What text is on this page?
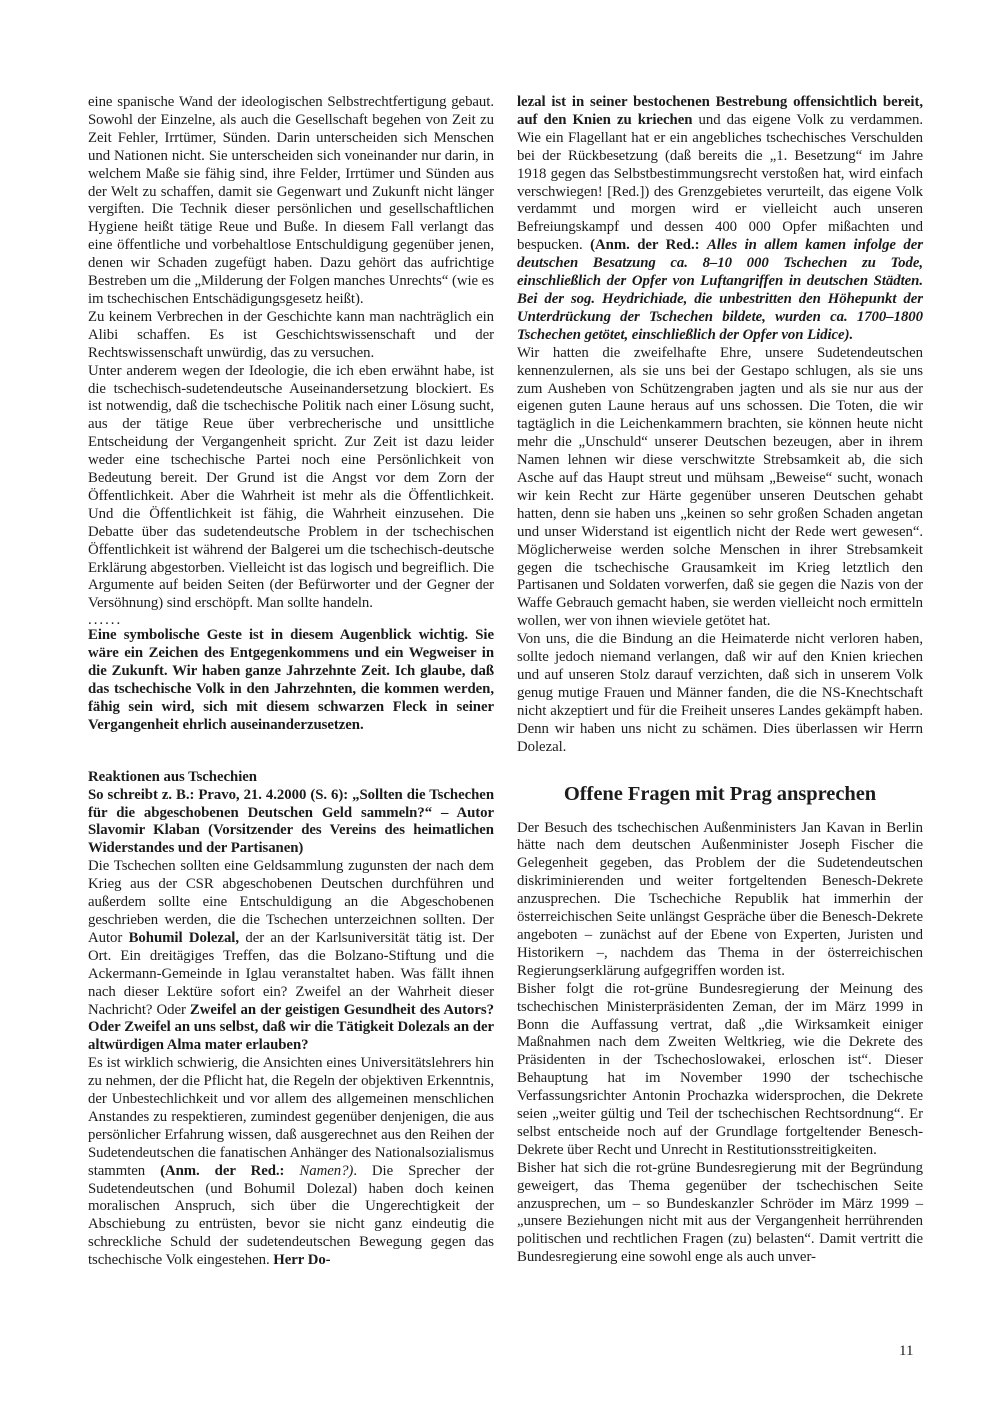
eine spanische Wand der ideologischen Selbstrechtfertigung gebaut. Sowohl der Einzelne, als auch die Gesellschaft begehen von Zeit zu Zeit Fehler, Irrtümer, Sünden. Darin unterscheiden sich Menschen und Nationen nicht. Sie unterscheiden sich voneinander nur darin, in welchem Maße sie fähig sind, ihre Felder, Irrtümer und Sünden aus der Welt zu schaffen, damit sie Gegenwart und Zukunft nicht länger vergiften. Die Technik dieser persönlichen und gesellschaftlichen Hygiene heißt tätige Reue und Buße. In diesem Fall verlangt das eine öffentliche und vorbehaltlose Entschuldigung gegenüber jenen, denen wir Schaden zugefügt haben. Dazu gehört das aufrichtige Bestreben um die „Milderung der Folgen manches Unrechts“ (wie es im tschechischen Entschädigungsgesetz heißt).

Zu keinem Verbrechen in der Geschichte kann man nachträglich ein Alibi schaffen. Es ist Geschichtswissenschaft und der Rechtswissenschaft unwürdig, das zu versuchen.

Unter anderem wegen der Ideologie, die ich eben erwähnt habe, ist die tschechisch-sudetendeutsche Auseinandersetzung blockiert. Es ist notwendig, daß die tschechische Politik nach einer Lösung sucht, aus der tätige Reue über verbrecherische und unsittliche Entscheidung der Vergangenheit spricht. Zur Zeit ist dazu leider weder eine tschechische Partei noch eine Persönlichkeit von Bedeutung bereit. Der Grund ist die Angst vor dem Zorn der Öffentlichkeit. Aber die Wahrheit ist mehr als die Öffentlichkeit. Und die Öffentlichkeit ist fähig, die Wahrheit einzusehen. Die Debatte über das sudetendeutsche Problem in der tschechischen Öffentlichkeit ist während der Balgerei um die tschechisch-deutsche Erklärung abgestorben. Vielleicht ist das logisch und begreiflich. Die Argumente auf beiden Seiten (der Befürworter und der Gegner der Versöhnung) sind erschöpft. Man sollte handeln.

......

Eine symbolische Geste ist in diesem Augenblick wichtig. Sie wäre ein Zeichen des Entgegenkommens und ein Wegweiser in die Zukunft. Wir haben ganze Jahrzehnte Zeit. Ich glaube, daß das tschechische Volk in den Jahrzehnten, die kommen werden, fähig sein wird, sich mit diesem schwarzen Fleck in seiner Vergangenheit ehrlich auseinanderzusetzen.

Reaktionen aus Tschechien

So schreibt z. B.: Pravo, 21. 4.2000 (S. 6): „Sollten die Tschechen für die abgeschobenen Deutschen Geld sammeln?“ – Autor Slavomir Klaban (Vorsitzender des Vereins des heimatlichen Widerstandes und der Partisanen)

Die Tschechen sollten eine Geldsammlung zugunsten der nach dem Krieg aus der CSR abgeschobenen Deutschen durchführen und außerdem sollte eine Entschuldigung an die Abgeschobenen geschrieben werden, die die Tschechen unterzeichnen sollten. Der Autor Bohumil Dolezal, der an der Karlsuniversität tätig ist. Der Ort. Ein dreitägiges Treffen, das die Bolzano-Stiftung und die Ackermann-Gemeinde in Iglau veranstaltet haben. Was fällt ihnen nach dieser Lektüre sofort ein? Zweifel an der Wahrheit dieser Nachricht? Oder Zweifel an der geistigen Gesundheit des Autors? Oder Zweifel an uns selbst, daß wir die Tätigkeit Dolezals an der altwürdigen Alma mater erlauben?

Es ist wirklich schwierig, die Ansichten eines Universitätslehrers hin zu nehmen, der die Pflicht hat, die Regeln der objektiven Erkenntnis, der Unbestechlichkeit und vor allem des allgemeinen menschlichen Anstandes zu respektieren, zumindest gegenüber denjenigen, die aus persönlicher Erfahrung wissen, daß ausgerechnet aus den Reihen der Sudetendeutschen die fanatischen Anhänger des Nationalsozialismus stammten (Anm. der Red.: Namen?). Die Sprecher der Sudetendeutschen (und Bohumil Dolezal) haben doch keinen moralischen Anspruch, sich über die Ungerechtigkeit der Abschiebung zu entrüsten, bevor sie nicht ganz eindeutig die schreckliche Schuld der sudetendeutschen Bewegung gegen das tschechische Volk eingestehen. Herr Do-

lezal ist in seiner bestochenen Bestrebung offensichtlich bereit, auf den Knien zu kriechen und das eigene Volk zu verdammen. Wie ein Flagellant hat er ein angebliches tschechisches Verschulden bei der Rückbesetzung (daß bereits die „1. Besetzung“ im Jahre 1918 gegen das Selbstbestimmungsrecht verstoßen hat, wird einfach verschwiegen! [Red.]) des Grenzgebietes verurteilt, das eigene Volk verdammt und morgen wird er vielleicht auch unseren Befreiungskampf und dessen 400 000 Opfer mißachten und bespucken. (Anm. der Red.: Alles in allem kamen infolge der deutschen Besatzung ca. 8–10 000 Tschechen zu Tode, einschließlich der Opfer von Luftangriffen in deutschen Städten. Bei der sog. Heydrichiade, die unbestritten den Höhepunkt der Unterdrückung der Tschechen bildete, wurden ca. 1700–1800 Tschechen getötet, einschließlich der Opfer von Lidice).

Wir hatten die zweifelhafte Ehre, unsere Sudetendeutschen kennenzulernen, als sie uns bei der Gestapo schlugen, als sie uns zum Ausheben von Schützengraben jagten und als sie nur aus der eigenen guten Laune heraus auf uns schossen. Die Toten, die wir tagtäglich in die Leichenkammern brachten, sie können heute nicht mehr die „Unschuld“ unserer Deutschen bezeugen, aber in ihrem Namen lehnen wir diese verschwitzte Strebsamkeit ab, die sich Asche auf das Haupt streut und mühsam „Beweise“ sucht, wonach wir kein Recht zur Härte gegenüber unseren Deutschen gehabt hatten, denn sie haben uns „keinen so sehr großen Schaden angetan und unser Widerstand ist eigentlich nicht der Rede wert gewesen“. Möglicherweise werden solche Menschen in ihrer Strebsamkeit gegen die tschechische Grausamkeit im Krieg letztlich den Partisanen und Soldaten vorwerfen, daß sie gegen die Nazis von der Waffe Gebrauch gemacht haben, sie werden vielleicht noch ermitteln wollen, wer von ihnen wieviele getötet hat.

Von uns, die die Bindung an die Heimaterde nicht verloren haben, sollte jedoch niemand verlangen, daß wir auf den Knien kriechen und auf unseren Stolz darauf verzichten, daß sich in unserem Volk genug mutige Frauen und Männer fanden, die die NS-Knechtschaft nicht akzeptiert und für die Freiheit unseres Landes gekämpft haben. Denn wir haben uns nicht zu schämen. Dies überlassen wir Herrn Dolezal.

Offene Fragen mit Prag ansprechen

Der Besuch des tschechischen Außenministers Jan Kavan in Berlin hätte nach dem deutschen Außenminister Joseph Fischer die Gelegenheit gegeben, das Problem der die Sudetendeutschen diskriminierenden und weiter fortgeltenden Benesch-Dekrete anzusprechen. Die Tschechiche Republik hat immerhin der österreichischen Seite unlängst Gespräche über die Benesch-Dekrete angeboten – zunächst auf der Ebene von Experten, Juristen und Historikern –, nachdem das Thema in der österreichischen Regierungserklärung aufgegriffen worden ist.

Bisher folgt die rot-grüne Bundesregierung der Meinung des tschechischen Ministerpräsidenten Zeman, der im März 1999 in Bonn die Auffassung vertrat, daß „die Wirksamkeit einiger Maßnahmen nach dem Zweiten Weltkrieg, wie die Dekrete des Präsidenten in der Tschechoslowakei, erloschen ist“. Dieser Behauptung hat im November 1990 der tschechische Verfassungsrichter Antonin Prochazka widersprochen, die Dekrete seien „weiter gültig und Teil der tschechischen Rechtsordnung“. Er selbst entscheide noch auf der Grundlage fortgeltender Benesch-Dekrete über Recht und Unrecht in Restitutionsstreitigkeiten.

Bisher hat sich die rot-grüne Bundesregierung mit der Begründung geweigert, das Thema gegenüber der tschechischen Seite anzusprechen, um – so Bundeskanzler Schröder im März 1999 – „unsere Beziehungen nicht mit aus der Vergangenheit herrührenden politischen und rechtlichen Fragen (zu) belasten“. Damit vertritt die Bundesregierung eine sowohl enge als auch unver-

11
